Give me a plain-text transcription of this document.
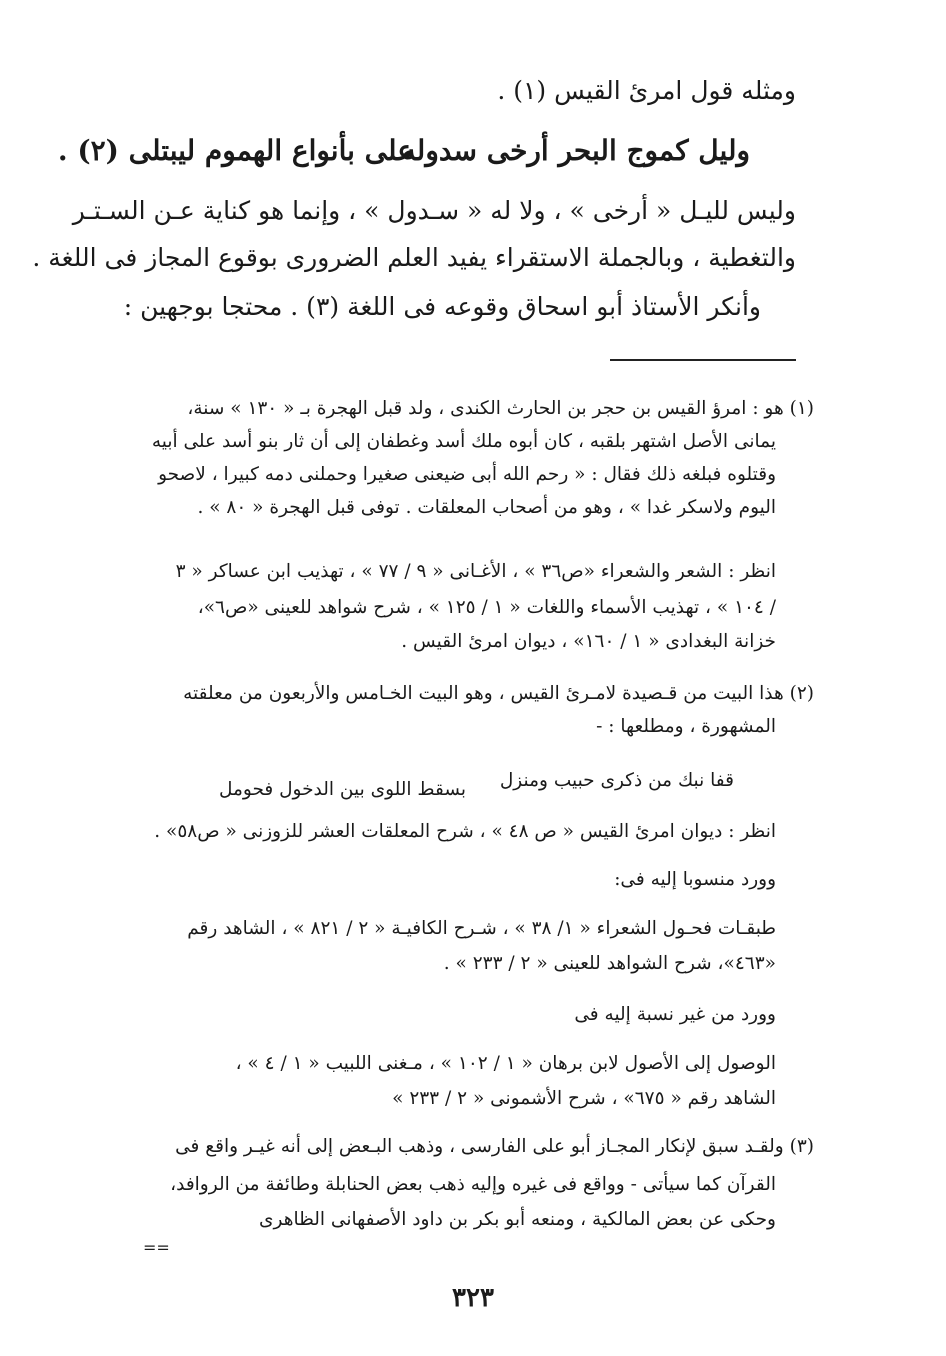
ومثله قول امرئ القيس (١) .
وليل كموج البحر أرخى سدوله
على بأنواع الهموم ليبتلى (٢) .
وليس لليـل « أرخى » ، ولا له « سـدول » ، وإنما هو كناية عـن السـتـر
والتغطية ، وبالجملة الاستقراء يفيد العلم الضرورى بوقوع المجاز فى اللغة .
وأنكر الأستاذ أبو اسحاق وقوعه فى اللغة (٣) . محتجا بوجهين :
(١) هو : امرؤ القيس بن حجر بن الحارث الكندى ، ولد قبل الهجرة بـ « ١٣٠ » سنة،
يمانى الأصل اشتهر بلقبه ، كان أبوه ملك أسد وغطفان إلى أن ثار بنو أسد على أبيه
وقتلوه فبلغه ذلك فقال : « رحم الله أبى ضيعنى صغيرا وحملنى دمه كبيرا ، لاصحو
اليوم ولاسكر غدا » ، وهو من أصحاب المعلقات . توفى قبل الهجرة « ٨٠ » .
انظر : الشعر والشعراء «ص٣٦ » ، الأغـانى « ٩ / ٧٧ » ، تهذيب ابن عساكر « ٣
/ ١٠٤ » ، تهذيب الأسماء واللغات « ١ / ١٢٥ » ، شرح شواهد للعينى «ص٦»،
خزانة البغدادى « ١ / ١٦٠» ، ديوان امرئ القيس .
(٢) هذا البيت من قـصيدة لامـرئ القيس ، وهو البيت الخـامس والأربعون من معلقته
المشهورة ، ومطلعها : -
قفا نبك من ذكرى حبيب ومنزل
بسقط اللوى بين الدخول فحومل
انظر : ديوان امرئ القيس « ص ٤٨ » ، شرح المعلقات العشر للزوزنى « ص٥٨» .
وورد منسوبا إليه فى:
طبقـات فحـول الشعراء « ١/ ٣٨ » ، شـرح الكافيـة « ٢ / ٨٢١ » ، الشاهد رقم
«٤٦٣»، شرح الشواهد للعينى « ٢ / ٢٣٣ » .
وورد من غير نسبة إليه فى
الوصول إلى الأصول لابن برهان « ١ / ١٠٢ » ، مـغنى اللبيب « ١ / ٤ » ،
الشاهد رقم « ٦٧٥» ، شرح الأشمونى « ٢ / ٢٣٣ »
(٣) ولقـد سبق لإنكار المجـاز أبو على الفارسى ، وذهب البـعض إلى أنه غيـر واقع فى
القرآن كما سيأتى - وواقع فى غيره وإليه ذهب بعض الحنابلة وطائفة من الروافد،
وحكى عن بعض المالكية ، ومنعه أبو بكر بن داود الأصفهانى الظاهرى
==
٣٢٣
